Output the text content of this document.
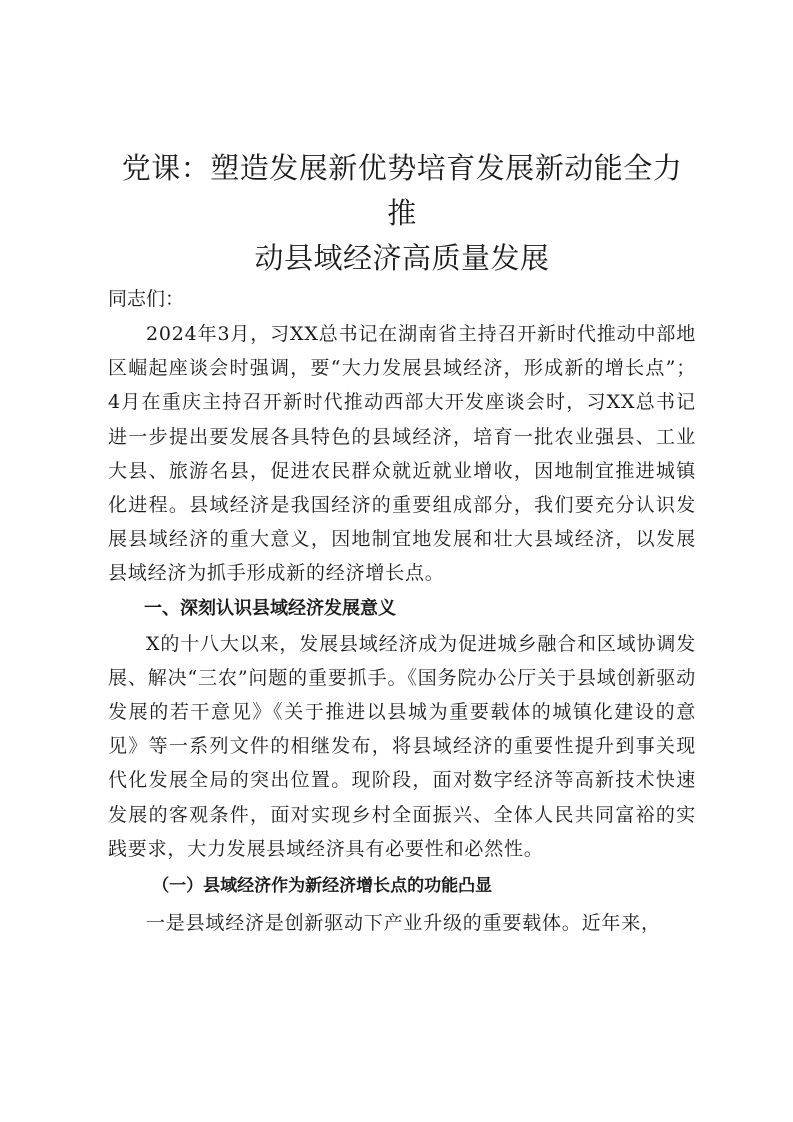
党课：塑造发展新优势培育发展新动能全力推

动县域经济高质量发展

同志们：

2024年3月，习XX总书记在湖南省主持召开新时代推动中部地区崛起座谈会时强调，要“大力发展县域经济，形成新的增长点”；4月在重庆主持召开新时代推动西部大开发座谈会时，习XX总书记进一步提出要发展各具特色的县域经济，培育一批农业强县、工业大县、旅游名县，促进农民群众就近就业增收，因地制宜推进城镇化进程。县域经济是我国经济的重要组成部分，我们要充分认识发展县域经济的重大意义，因地制宜地发展和壮大县域经济，以发展县域经济为抓手形成新的经济增长点。

一、深刻认识县域经济发展意义

X的十八大以来，发展县域经济成为促进城乡融合和区域协调发展、解决“三农”问题的重要抓手。《国务院办公厅关于县域创新驱动发展的若干意见》《关于推进以县城为重要载体的城镇化建设的意见》等一系列文件的相继发布，将县域经济的重要性提升到事关现代化发展全局的突出位置。现阶段，面对数字经济等高新技术快速发展的客观条件，面对实现乡村全面振兴、全体人民共同富裕的实践要求，大力发展县域经济具有必要性和必然性。

（一）县域经济作为新经济增长点的功能凸显

一是县域经济是创新驱动下产业升级的重要载体。近年来，
